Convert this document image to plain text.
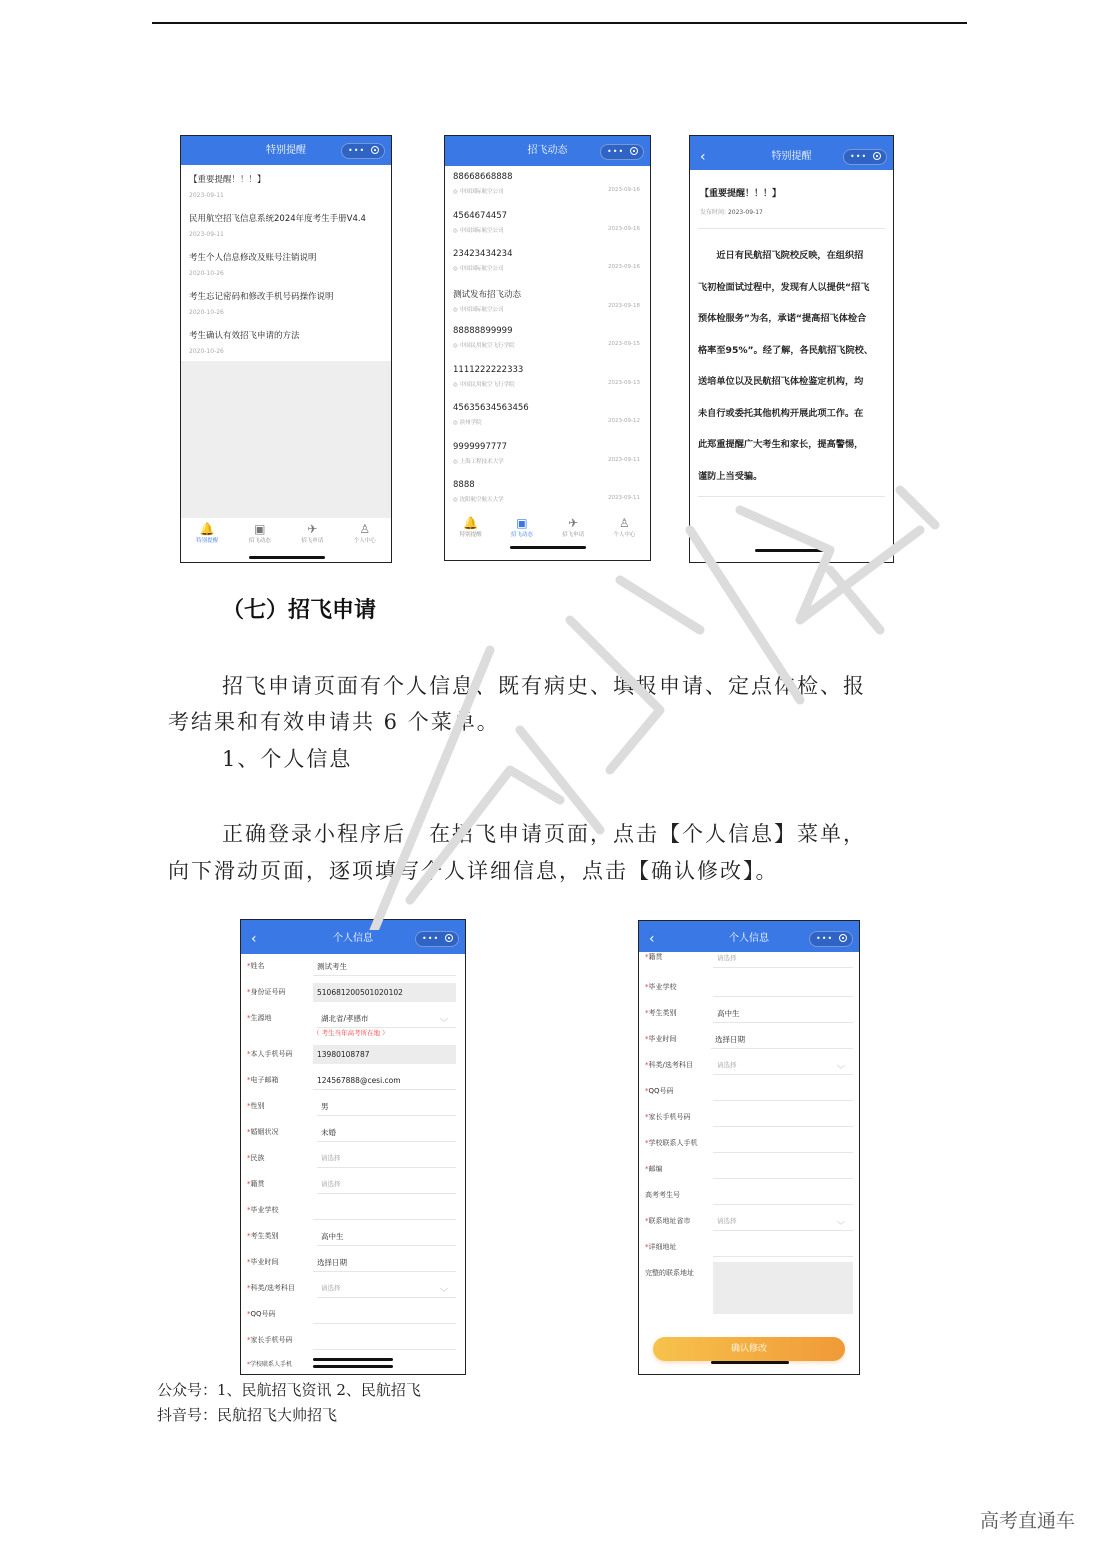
特别提醒	•••
【重要提醒！！！】
2023-09-11
民用航空招飞信息系统2024年度考生手册V4.4
2023-09-11
考生个人信息修改及账号注销说明
2020-10-26
考生忘记密码和修改手机号码操作说明
2020-10-26
考生确认有效招飞申请的方法
2020-10-26
🔔
特别提醒
▣
招飞动态
✈
招飞申请
♙
个人中心
招飞动态	•••
88668668888
◎ 中国国际航空公司	2023-09-16
4564674457
◎ 中国国际航空公司	2023-09-16
23423434234
◎ 中国国际航空公司	2023-09-16
测试发布招飞动态
◎ 中国国际航空公司
2023-09-18
88888899999
◎ 中国民用航空飞行学院	2023-09-15
1111222222333
◎ 中国民用航空飞行学院	2023-09-13
45635634563456
◎ 滨州学院	2023-09-12
9999997777
◎ 上海工程技术大学	2023-09-11
8888
◎ 沈阳航空航天大学	2023-09-11
🔔
特别提醒
▣
招飞动态
✈
招飞申请
♙
个人中心
‹	特别提醒	•••
【重要提醒！！！】
发布时间: 2023-09-17
　　近日有民航招飞院校反映，在组织招
飞初检面试过程中，发现有人以提供“招飞
预体检服务”为名，承诺“提高招飞体检合
格率至95%”。经了解，各民航招飞院校、
送培单位以及民航招飞体检鉴定机构，均
未自行或委托其他机构开展此项工作。在
此郑重提醒广大考生和家长，提高警惕，
谨防上当受骗。
（七）招飞申请
招飞申请页面有个人信息、既有病史、填报申请、定点体检、报
考结果和有效申请共 6 个菜单。
1、个人信息
正确登录小程序后，在招飞申请页面，点击【个人信息】菜单，
向下滑动页面，逐项填写个人详细信息，点击【确认修改】。
‹	个人信息	•••
*姓名	测试考生
*身份证号码	510681200501020102
*生源地	湖北省/孝感市	﹀
（ 考生当年高考所在地 ）
*本人手机号码	13980108787
*电子邮箱	124567888@cesi.com
*性别	男
*婚姻状况	未婚
*民族	请选择
*籍贯	请选择
*毕业学校
*考生类别	高中生
*毕业时间	选择日期
*科类/选考科目	请选择	﹀
*QQ号码
*家长手机号码
*学校联系人手机
‹	个人信息	•••
*籍贯	请选择
*毕业学校
*考生类别	高中生
*毕业时间	选择日期
*科类/选考科目	请选择	﹀
*QQ号码
*家长手机号码
*学校联系人手机
*邮编
高考考生号
*联系地址省市	请选择	﹀
*详细地址
完整的联系地址
确认修改
公众号：1、民航招飞资讯 2、民航招飞
抖音号：民航招飞大帅招飞
高考直通车
